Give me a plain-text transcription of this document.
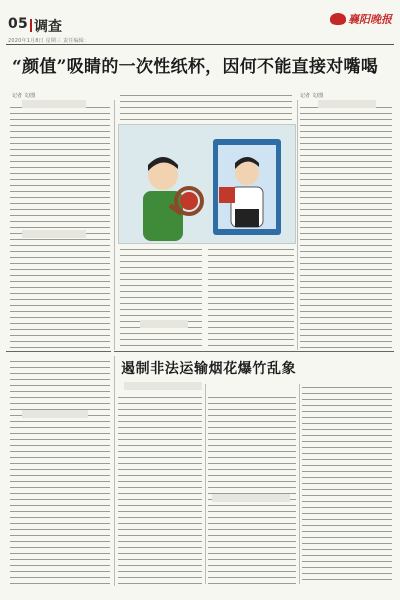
05 调查
2020年1月8日 星期三 责任编辑：
襄阳晚报
“颜值”吸睛的一次性纸杯，因何不能直接对嘴喝
记者 文/图	记者 文/图
遏制非法运输烟花爆竹乱象
